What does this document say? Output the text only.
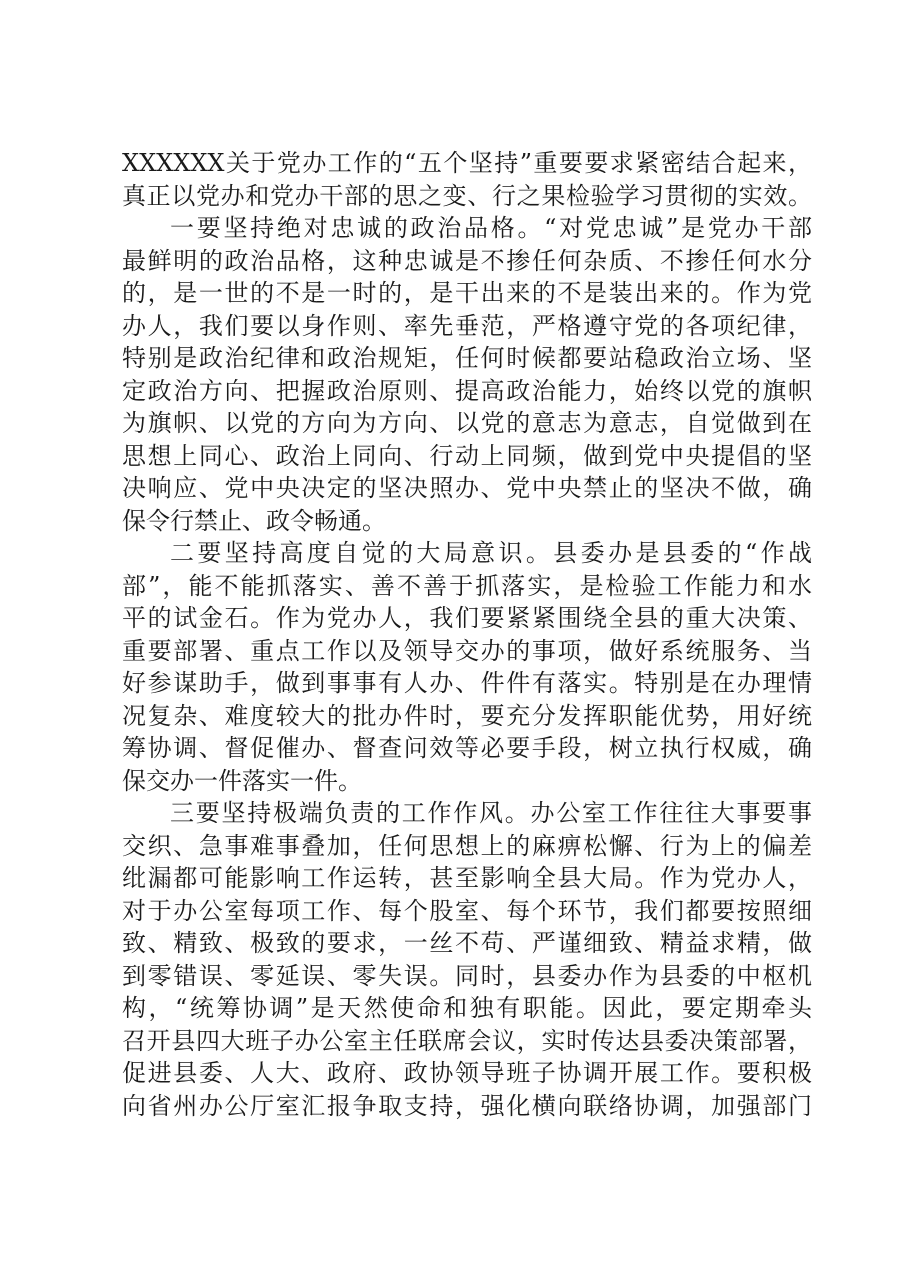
XXXXXX关于党办工作的“五个坚持”重要要求紧密结合起来，
真正以党办和党办干部的思之变、行之果检验学习贯彻的实效。
一要坚持绝对忠诚的政治品格。“对党忠诚”是党办干部
最鲜明的政治品格，这种忠诚是不掺任何杂质、不掺任何水分
的，是一世的不是一时的，是干出来的不是装出来的。作为党
办人，我们要以身作则、率先垂范，严格遵守党的各项纪律，
特别是政治纪律和政治规矩，任何时候都要站稳政治立场、坚
定政治方向、把握政治原则、提高政治能力，始终以党的旗帜
为旗帜、以党的方向为方向、以党的意志为意志，自觉做到在
思想上同心、政治上同向、行动上同频，做到党中央提倡的坚
决响应、党中央决定的坚决照办、党中央禁止的坚决不做，确
保令行禁止、政令畅通。
二要坚持高度自觉的大局意识。县委办是县委的“作战
部”，能不能抓落实、善不善于抓落实，是检验工作能力和水
平的试金石。作为党办人，我们要紧紧围绕全县的重大决策、
重要部署、重点工作以及领导交办的事项，做好系统服务、当
好参谋助手，做到事事有人办、件件有落实。特别是在办理情
况复杂、难度较大的批办件时，要充分发挥职能优势，用好统
筹协调、督促催办、督查问效等必要手段，树立执行权威，确
保交办一件落实一件。
三要坚持极端负责的工作作风。办公室工作往往大事要事
交织、急事难事叠加，任何思想上的麻痹松懈、行为上的偏差
纰漏都可能影响工作运转，甚至影响全县大局。作为党办人，
对于办公室每项工作、每个股室、每个环节，我们都要按照细
致、精致、极致的要求，一丝不苟、严谨细致、精益求精，做
到零错误、零延误、零失误。同时，县委办作为县委的中枢机
构，“统筹协调”是天然使命和独有职能。因此，要定期牵头
召开县四大班子办公室主任联席会议，实时传达县委决策部署，
促进县委、人大、政府、政协领导班子协调开展工作。要积极
向省州办公厅室汇报争取支持，强化横向联络协调，加强部门
